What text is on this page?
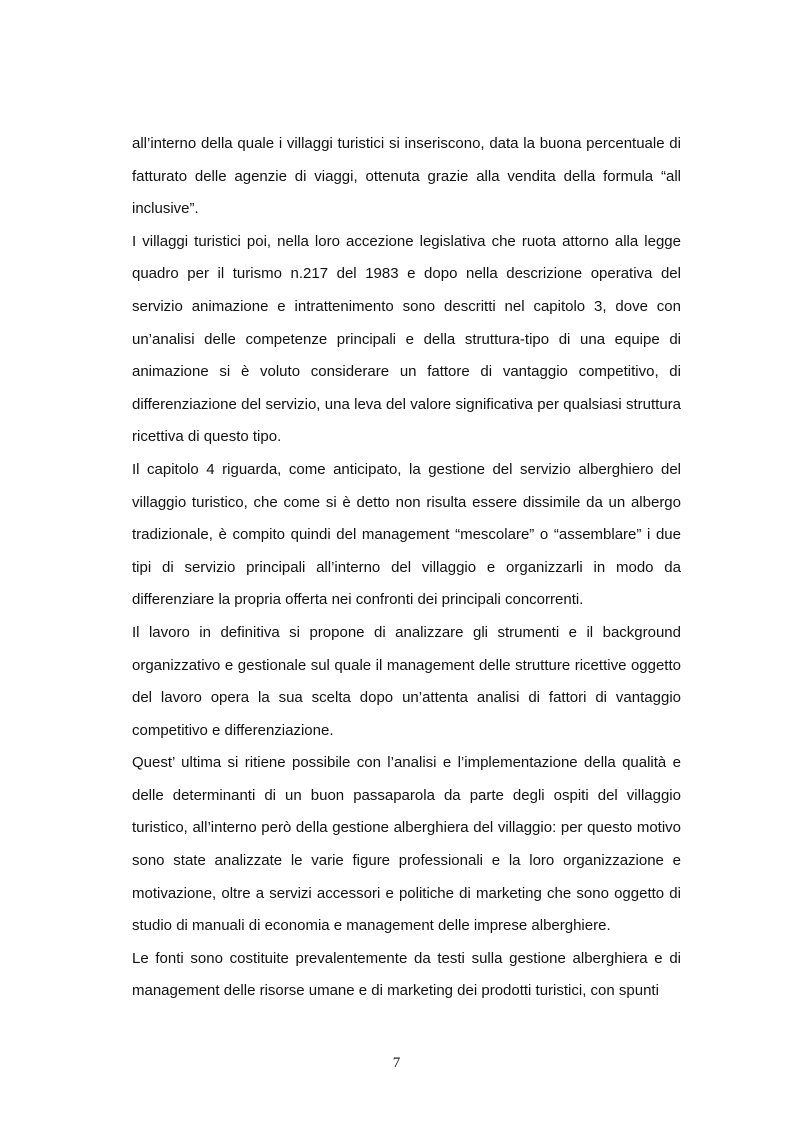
all’interno della quale i villaggi turistici si inseriscono, data la buona percentuale di fatturato delle agenzie di viaggi, ottenuta grazie alla vendita della formula “all inclusive”.

I villaggi turistici poi, nella loro accezione legislativa che ruota attorno alla legge quadro per il turismo n.217 del 1983 e dopo nella descrizione operativa del servizio animazione e intrattenimento sono descritti nel capitolo 3, dove con un’analisi delle competenze principali e della struttura-tipo di una equipe di animazione si è voluto considerare un fattore di vantaggio competitivo, di differenziazione del servizio, una leva del valore significativa per qualsiasi struttura ricettiva di questo tipo.

Il capitolo 4 riguarda, come anticipato, la gestione del servizio alberghiero del villaggio turistico, che come si è detto non risulta essere dissimile da un albergo tradizionale, è compito quindi del management “mescolare” o “assemblare” i due tipi di servizio principali all’interno del villaggio e organizzarli in modo da differenziare la propria offerta nei confronti dei principali concorrenti.

Il lavoro in definitiva si propone di analizzare gli strumenti e il background organizzativo e gestionale sul quale il management delle strutture ricettive oggetto del lavoro opera la sua scelta dopo un’attenta analisi di fattori di vantaggio competitivo e differenziazione.

Quest’ ultima si ritiene possibile con l’analisi e l’implementazione della qualità e delle determinanti di un buon passaparola da parte degli ospiti del villaggio turistico, all’interno però della gestione alberghiera del villaggio: per questo motivo sono state analizzate le varie figure professionali e la loro organizzazione e motivazione, oltre a servizi accessori e politiche di marketing che sono oggetto di studio di manuali di economia e management delle imprese alberghiere.

Le fonti sono costituite prevalentemente da testi sulla gestione alberghiera e di management delle risorse umane e di marketing dei prodotti turistici, con spunti

7
